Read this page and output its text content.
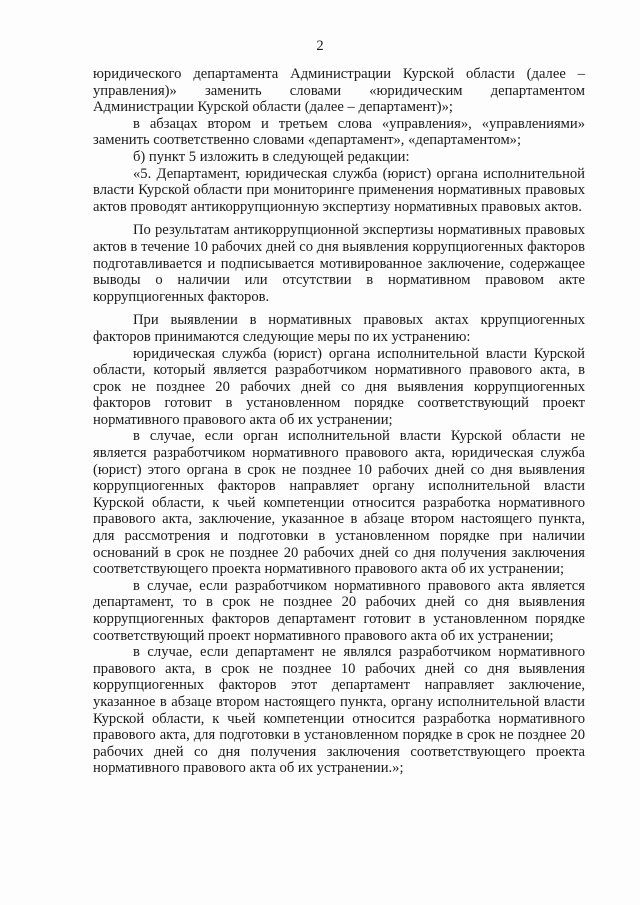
2

юридического департамента Администрации Курской области (далее – управления)» заменить словами «юридическим департаментом Администрации Курской области (далее – департамент)»;

в абзацах втором и третьем слова «управления», «управлениями» заменить соответственно словами «департамент», «департаментом»;

б) пункт 5 изложить в следующей редакции:

«5. Департамент, юридическая служба (юрист) органа исполнительной власти Курской области при мониторинге применения нормативных правовых актов проводят антикоррупционную экспертизу нормативных правовых актов.

По результатам антикоррупционной экспертизы нормативных правовых актов в течение 10 рабочих дней со дня выявления коррупциогенных факторов подготавливается и подписывается мотивированное заключение, содержащее выводы о наличии или отсутствии в нормативном правовом акте коррупциогенных факторов.

При выявлении в нормативных правовых актах кррупциогенных факторов принимаются следующие меры по их устранению:

юридическая служба (юрист) органа исполнительной власти Курской области, который является разработчиком нормативного правового акта, в срок не позднее 20 рабочих дней со дня выявления коррупциогенных факторов готовит в установленном порядке соответствующий проект нормативного правового акта об их устранении;

в случае, если орган исполнительной власти Курской области не является разработчиком нормативного правового акта, юридическая служба (юрист) этого органа в срок не позднее 10 рабочих дней со дня выявления коррупциогенных факторов направляет органу исполнительной власти Курской области, к чьей компетенции относится разработка нормативного правового акта, заключение, указанное в абзаце втором настоящего пункта, для рассмотрения и подготовки в установленном порядке при наличии оснований в срок не позднее 20 рабочих дней со дня получения заключения соответствующего проекта нормативного правового акта об их устранении;

в случае, если разработчиком нормативного правового акта является департамент, то в срок не позднее 20 рабочих дней со дня выявления коррупциогенных факторов департамент готовит в установленном порядке соответствующий проект нормативного правового акта об их устранении;

в случае, если департамент не являлся разработчиком нормативного правового акта, в срок не позднее 10 рабочих дней со дня выявления коррупциогенных факторов этот департамент направляет заключение, указанное в абзаце втором настоящего пункта, органу исполнительной власти Курской области, к чьей компетенции относится разработка нормативного правового акта, для подготовки в установленном порядке в срок не позднее 20 рабочих дней со дня получения заключения соответствующего проекта нормативного правового акта об их устранении.»;
